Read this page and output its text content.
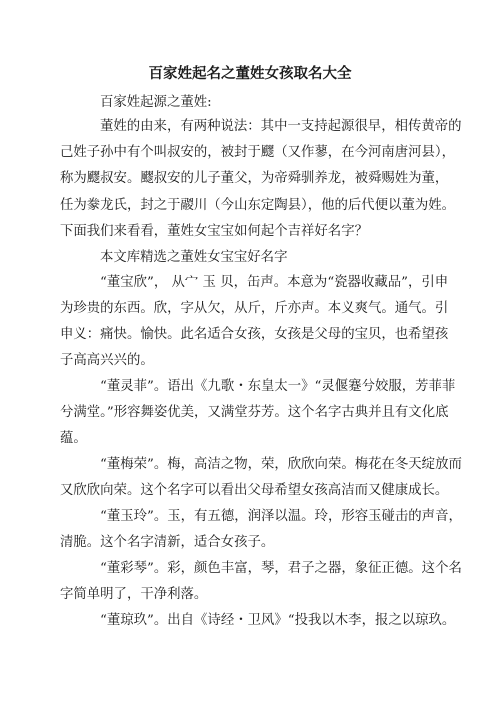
百家姓起名之董姓女孩取名大全

百家姓起源之董姓:

董姓的由来，有两种说法：其中一支持起源很早，相传黄帝的

己姓子孙中有个叫叔安的，被封于飂（又作蓼，在今河南唐河县），

称为飂叔安。飂叔安的儿子董父，为帝舜驯养龙，被舜赐姓为董，

任为豢龙氏，封之于鬷川（今山东定陶县），他的后代便以董为姓。

下面我们来看看，董姓女宝宝如何起个吉祥好名字？

本文库精选之董姓女宝宝好名字

“董宝欣”， 从宀 玉 贝，缶声。本意为“瓷器收藏品”，引申

为珍贵的东西。欣，字从欠，从斤，斤亦声。本义爽气。通气。引

申义：痛快。愉快。此名适合女孩，女孩是父母的宝贝，也希望孩

子高高兴兴的。

“董灵菲”。语出《九歌・东皇太一》“灵偃蹇兮姣服，芳菲菲

兮满堂。”形容舞姿优美，又满堂芬芳。这个名字古典并且有文化底

蕴。

“董梅荣”。梅，高洁之物，荣，欣欣向荣。梅花在冬天绽放而

又欣欣向荣。这个名字可以看出父母希望女孩高洁而又健康成长。

“董玉玲”。玉，有五德，润泽以温。玲，形容玉碰击的声音，

清脆。这个名字清新，适合女孩子。

“董彩琴”。彩，颜色丰富，琴，君子之器，象征正德。这个名

字简单明了，干净利落。

“董琼玖”。出自《诗经・卫风》“投我以木李，报之以琼玖。
